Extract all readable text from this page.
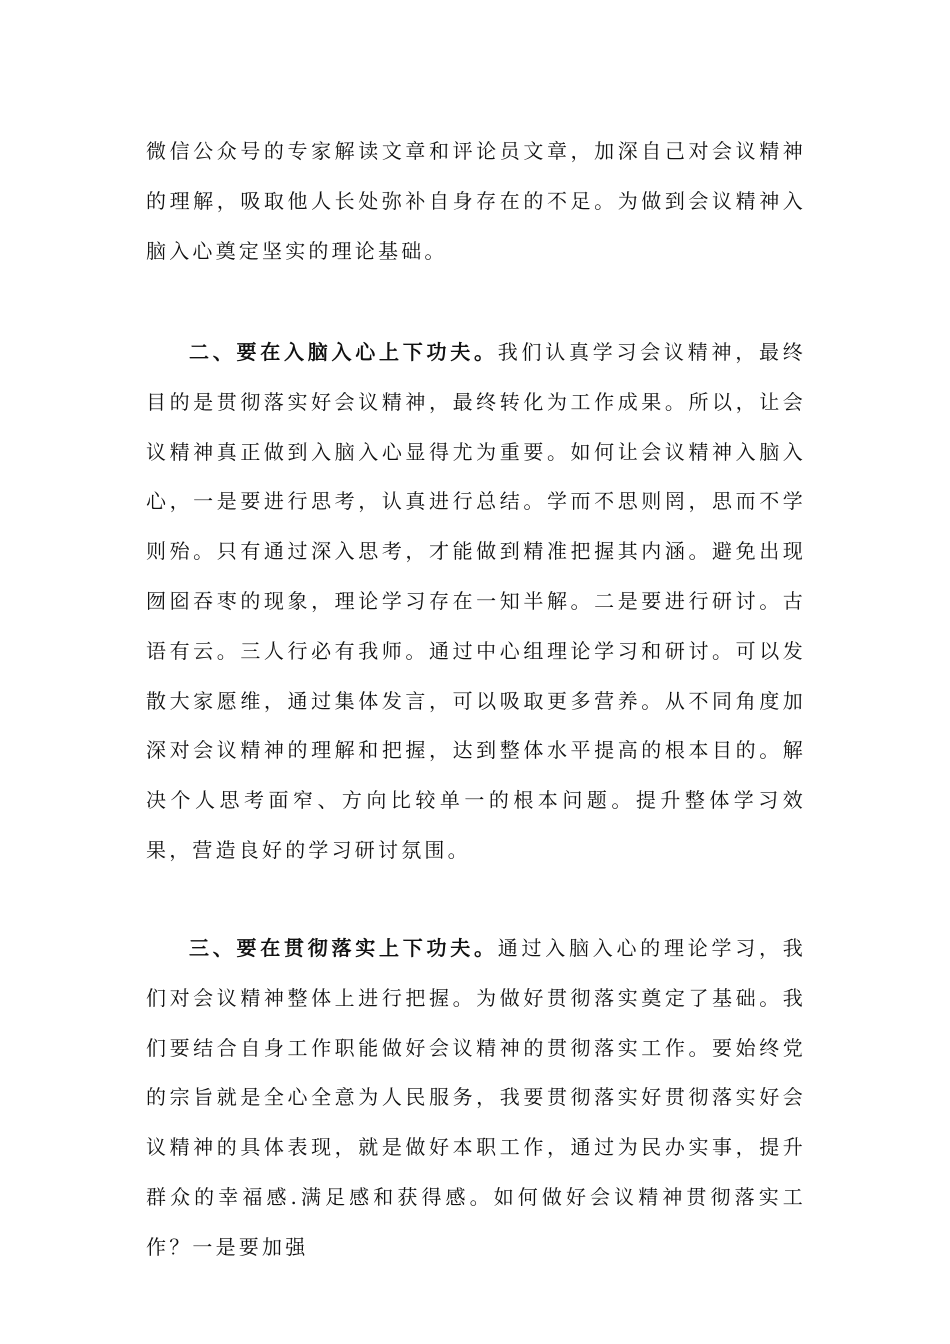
微信公众号的专家解读文章和评论员文章，加深自己对会议精神的理解，吸取他人长处弥补自身存在的不足。为做到会议精神入脑入心奠定坚实的理论基础。

二、要在入脑入心上下功夫。我们认真学习会议精神，最终目的是贯彻落实好会议精神，最终转化为工作成果。所以，让会议精神真正做到入脑入心显得尤为重要。如何让会议精神入脑入心，一是要进行思考，认真进行总结。学而不思则罔，思而不学则殆。只有通过深入思考，才能做到精准把握其内涵。避免出现囫囵吞枣的现象，理论学习存在一知半解。二是要进行研讨。古语有云。三人行必有我师。通过中心组理论学习和研讨。可以发散大家愿维，通过集体发言，可以吸取更多营养。从不同角度加深对会议精神的理解和把握，达到整体水平提高的根本目的。解决个人思考面窄、方向比较单一的根本问题。提升整体学习效果，营造良好的学习研讨氛围。

三、要在贯彻落实上下功夫。通过入脑入心的理论学习，我们对会议精神整体上进行把握。为做好贯彻落实奠定了基础。我们要结合自身工作职能做好会议精神的贯彻落实工作。要始终党的宗旨就是全心全意为人民服务，我要贯彻落实好贯彻落实好会议精神的具体表现，就是做好本职工作，通过为民办实事，提升群众的幸福感.满足感和获得感。如何做好会议精神贯彻落实工作？一是要加强
